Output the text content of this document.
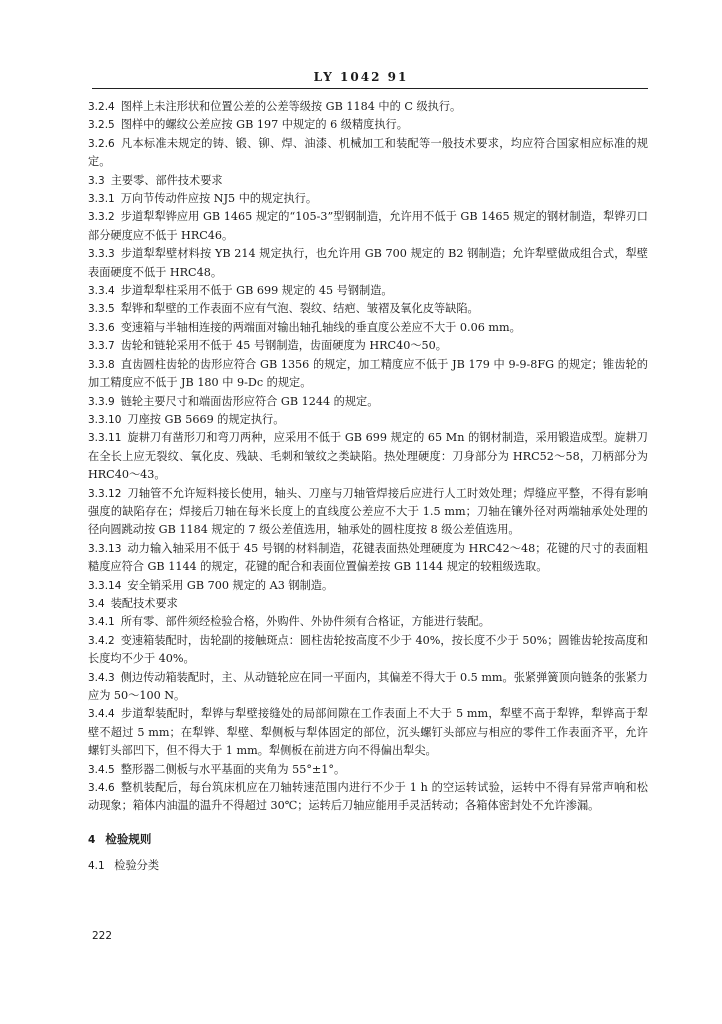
LY 1042 91

3.2.4 图样上未注形状和位置公差的公差等级按 GB 1184 中的 C 级执行。

3.2.5 图样中的螺纹公差应按 GB 197 中规定的 6 级精度执行。

3.2.6 凡本标准未规定的铸、锻、铆、焊、油漆、机械加工和装配等一般技术要求，均应符合国家相应标准的规定。

3.3 主要零、部件技术要求

3.3.1 万向节传动件应按 NJ5 中的规定执行。

3.3.2 步道犁犁铧应用 GB 1465 规定的“105-3”型钢制造，允许用不低于 GB 1465 规定的钢材制造，犁铧刃口部分硬度应不低于 HRC46。

3.3.3 步道犁犁壁材料按 YB 214 规定执行，也允许用 GB 700 规定的 B2 钢制造；允许犁壁做成组合式，犁壁表面硬度不低于 HRC48。

3.3.4 步道犁犁柱采用不低于 GB 699 规定的 45 号钢制造。

3.3.5 犁铧和犁壁的工作表面不应有气泡、裂纹、结疤、皱褶及氧化皮等缺陷。

3.3.6 变速箱与半轴相连接的两端面对输出轴孔轴线的垂直度公差应不大于 0.06 mm。

3.3.7 齿轮和链轮采用不低于 45 号钢制造，齿面硬度为 HRC40～50。

3.3.8 直齿圆柱齿轮的齿形应符合 GB 1356 的规定，加工精度应不低于 JB 179 中 9-9-8FG 的规定；锥齿轮的加工精度应不低于 JB 180 中 9-Dc 的规定。

3.3.9 链轮主要尺寸和端面齿形应符合 GB 1244 的规定。

3.3.10 刀座按 GB 5669 的规定执行。

3.3.11 旋耕刀有凿形刀和弯刀两种，应采用不低于 GB 699 规定的 65 Mn 的钢材制造，采用锻造成型。旋耕刀在全长上应无裂纹、氧化皮、残缺、毛刺和皱纹之类缺陷。热处理硬度：刀身部分为 HRC52～58，刀柄部分为 HRC40～43。

3.3.12 刀轴管不允许短料接长使用，轴头、刀座与刀轴管焊接后应进行人工时效处理；焊缝应平整，不得有影响强度的缺陷存在；焊接后刀轴在每米长度上的直线度公差应不大于 1.5 mm；刀轴在镶外径对两端轴承处处理的径向圆跳动按 GB 1184 规定的 7 级公差值选用，轴承处的圆柱度按 8 级公差值选用。

3.3.13 动力输入轴采用不低于 45 号钢的材料制造，花键表面热处理硬度为 HRC42～48；花键的尺寸的表面粗糙度应符合 GB 1144 的规定，花键的配合和表面位置偏差按 GB 1144 规定的较粗级选取。

3.3.14 安全销采用 GB 700 规定的 A3 钢制造。

3.4 装配技术要求

3.4.1 所有零、部件须经检验合格，外购件、外协件须有合格证，方能进行装配。

3.4.2 变速箱装配时，齿轮副的接触斑点：圆柱齿轮按高度不少于 40%，按长度不少于 50%；圆锥齿轮按高度和长度均不少于 40%。

3.4.3 侧边传动箱装配时，主、从动链轮应在同一平面内，其偏差不得大于 0.5 mm。张紧弹簧顶向链条的张紧力应为 50～100 N。

3.4.4 步道犁装配时，犁铧与犁壁接缝处的局部间隙在工作表面上不大于 5 mm，犁壁不高于犁铧，犁铧高于犁壁不超过 5 mm；在犁铧、犁壁、犁侧板与犁体固定的部位，沉头螺钉头部应与相应的零件工作表面齐平，允许螺钉头部凹下，但不得大于 1 mm。犁侧板在前进方向不得偏出犁尖。

3.4.5 整形器二侧板与水平基面的夹角为 55°±1°。

3.4.6 整机装配后，每台筑床机应在刀轴转速范围内进行不少于 1 h 的空运转试验，运转中不得有异常声响和松动现象；箱体内油温的温升不得超过 30℃；运转后刀轴应能用手灵活转动；各箱体密封处不允许渗漏。

4 检验规则

4.1 检验分类

222
